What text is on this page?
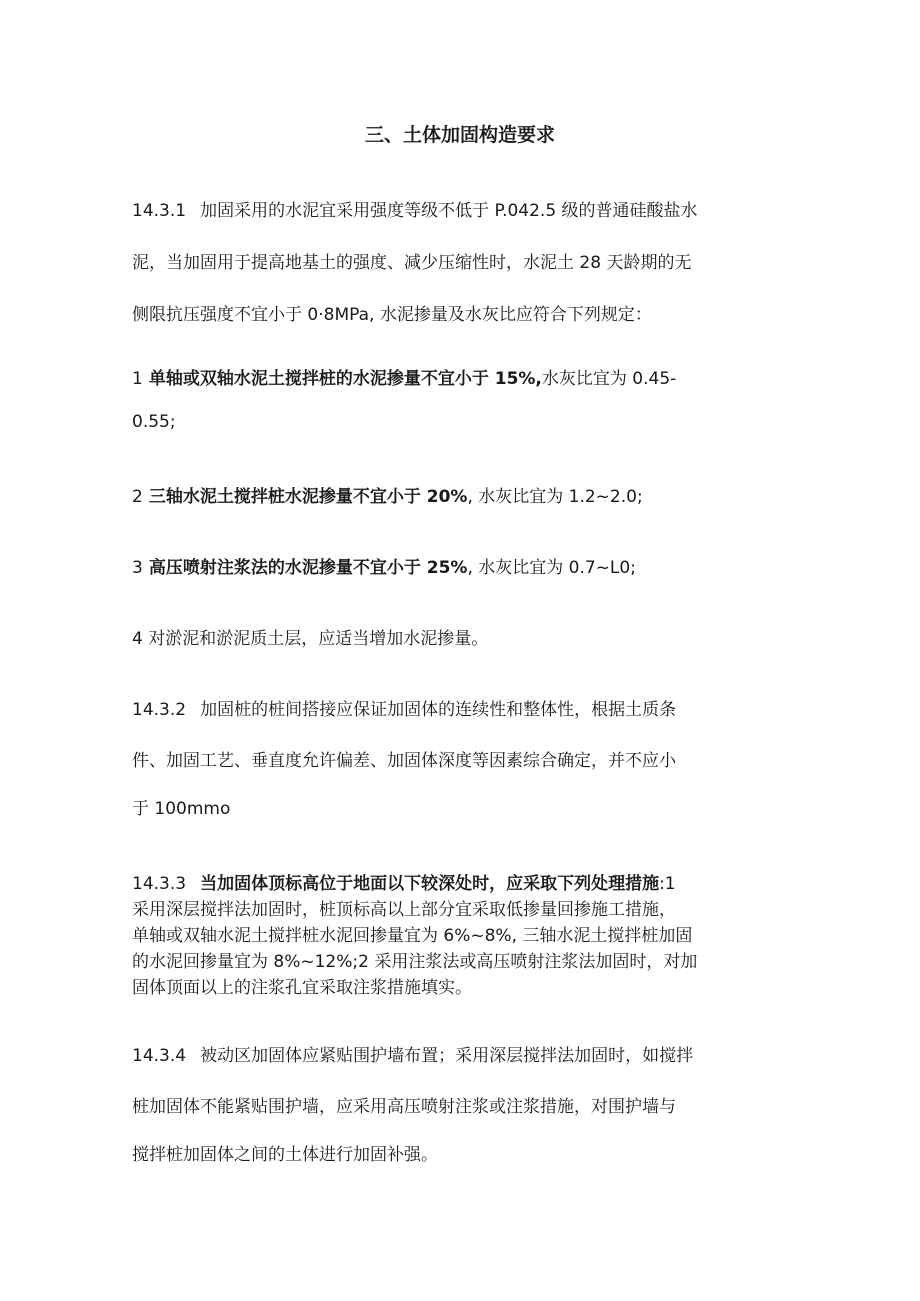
三、土体加固构造要求
14.3.1 加固采用的水泥宜采用强度等级不低于 P.042.5 级的普通硅酸盐水
泥，当加固用于提高地基土的强度、减少压缩性时，水泥土 28 天龄期的无
侧限抗压强度不宜小于 0·8MPa, 水泥掺量及水灰比应符合下列规定：
1 单轴或双轴水泥土搅拌桩的水泥掺量不宜小于 15%,水灰比宜为 0.45-
0.55;
2 三轴水泥土搅拌桩水泥掺量不宜小于 20%, 水灰比宜为 1.2~2.0;
3 高压喷射注浆法的水泥掺量不宜小于 25%, 水灰比宜为 0.7~L0;
4 对淤泥和淤泥质土层，应适当增加水泥掺量。
14.3.2 加固桩的桩间搭接应保证加固体的连续性和整体性，根据土质条
件、加固工艺、垂直度允许偏差、加固体深度等因素综合确定，并不应小
于 100mmo
14.3.3 当加固体顶标高位于地面以下较深处时，应采取下列处理措施:1
采用深层搅拌法加固时，桩顶标高以上部分宜采取低掺量回掺施工措施，
单轴或双轴水泥土搅拌桩水泥回掺量宜为 6%~8%, 三轴水泥土搅拌桩加固
的水泥回掺量宜为 8%~12%;2 采用注浆法或高压喷射注浆法加固时，对加
固体顶面以上的注浆孔宜采取注浆措施填实。
14.3.4 被动区加固体应紧贴围护墙布置；采用深层搅拌法加固时，如搅拌
桩加固体不能紧贴围护墙，应采用高压喷射注浆或注浆措施，对围护墙与
搅拌桩加固体之间的土体进行加固补强。
